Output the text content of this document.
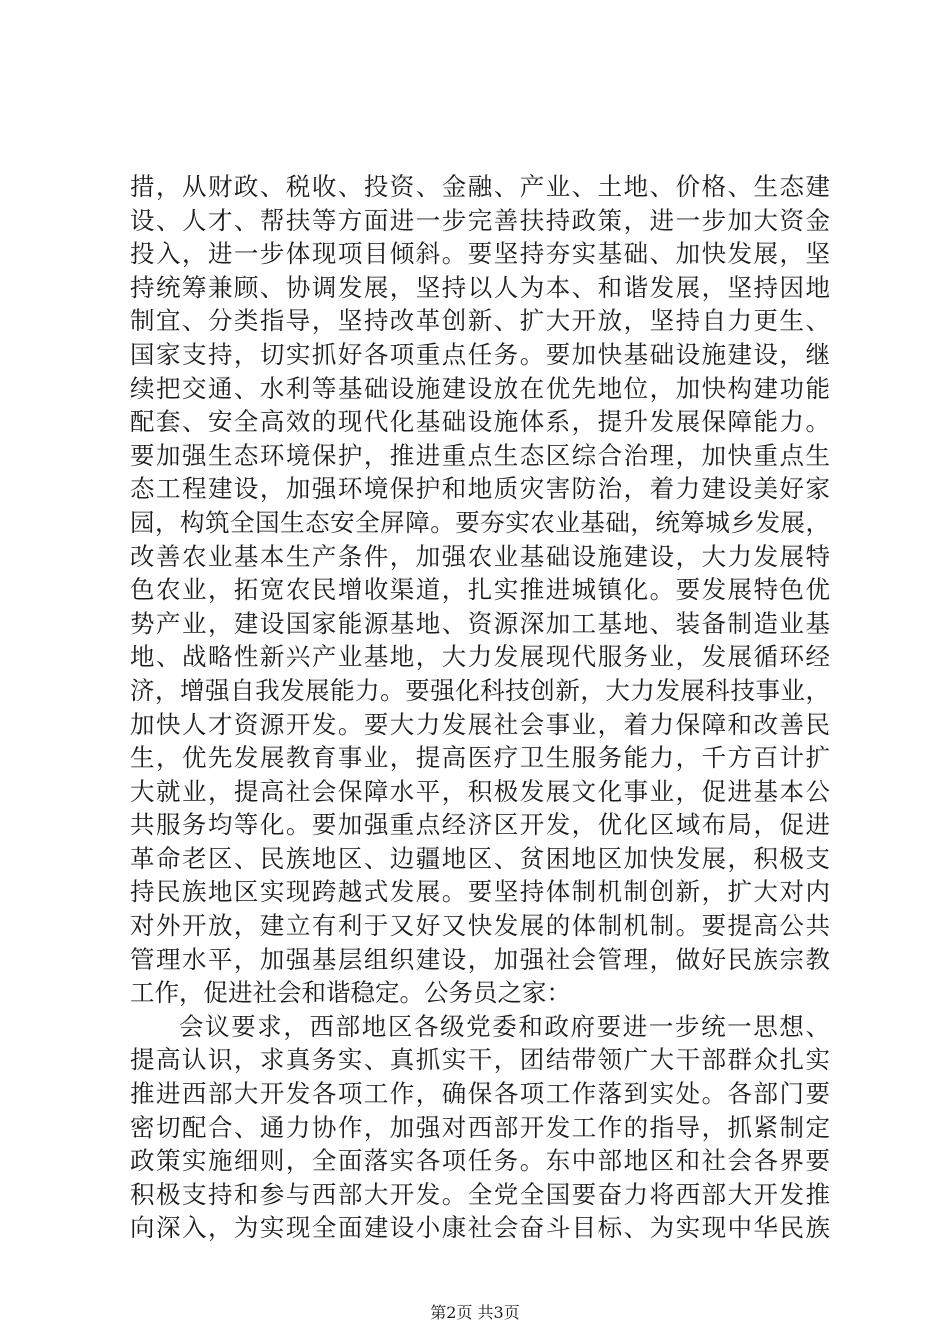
措，从财政、税收、投资、金融、产业、土地、价格、生态建
设、人才、帮扶等方面进一步完善扶持政策，进一步加大资金
投入，进一步体现项目倾斜。要坚持夯实基础、加快发展，坚
持统筹兼顾、协调发展，坚持以人为本、和谐发展，坚持因地
制宜、分类指导，坚持改革创新、扩大开放，坚持自力更生、
国家支持，切实抓好各项重点任务。要加快基础设施建设，继
续把交通、水利等基础设施建设放在优先地位，加快构建功能
配套、安全高效的现代化基础设施体系，提升发展保障能力。
要加强生态环境保护，推进重点生态区综合治理，加快重点生
态工程建设，加强环境保护和地质灾害防治，着力建设美好家
园，构筑全国生态安全屏障。要夯实农业基础，统筹城乡发展，
改善农业基本生产条件，加强农业基础设施建设，大力发展特
色农业，拓宽农民增收渠道，扎实推进城镇化。要发展特色优
势产业，建设国家能源基地、资源深加工基地、装备制造业基
地、战略性新兴产业基地，大力发展现代服务业，发展循环经
济，增强自我发展能力。要强化科技创新，大力发展科技事业，
加快人才资源开发。要大力发展社会事业，着力保障和改善民
生，优先发展教育事业，提高医疗卫生服务能力，千方百计扩
大就业，提高社会保障水平，积极发展文化事业，促进基本公
共服务均等化。要加强重点经济区开发，优化区域布局，促进
革命老区、民族地区、边疆地区、贫困地区加快发展，积极支
持民族地区实现跨越式发展。要坚持体制机制创新，扩大对内
对外开放，建立有利于又好又快发展的体制机制。要提高公共
管理水平，加强基层组织建设，加强社会管理，做好民族宗教
工作，促进社会和谐稳定。公务员之家：
会议要求，西部地区各级党委和政府要进一步统一思想、
提高认识，求真务实、真抓实干，团结带领广大干部群众扎实
推进西部大开发各项工作，确保各项工作落到实处。各部门要
密切配合、通力协作，加强对西部开发工作的指导，抓紧制定
政策实施细则，全面落实各项任务。东中部地区和社会各界要
积极支持和参与西部大开发。全党全国要奋力将西部大开发推
向深入，为实现全面建设小康社会奋斗目标、为实现中华民族
第2页 共3页
